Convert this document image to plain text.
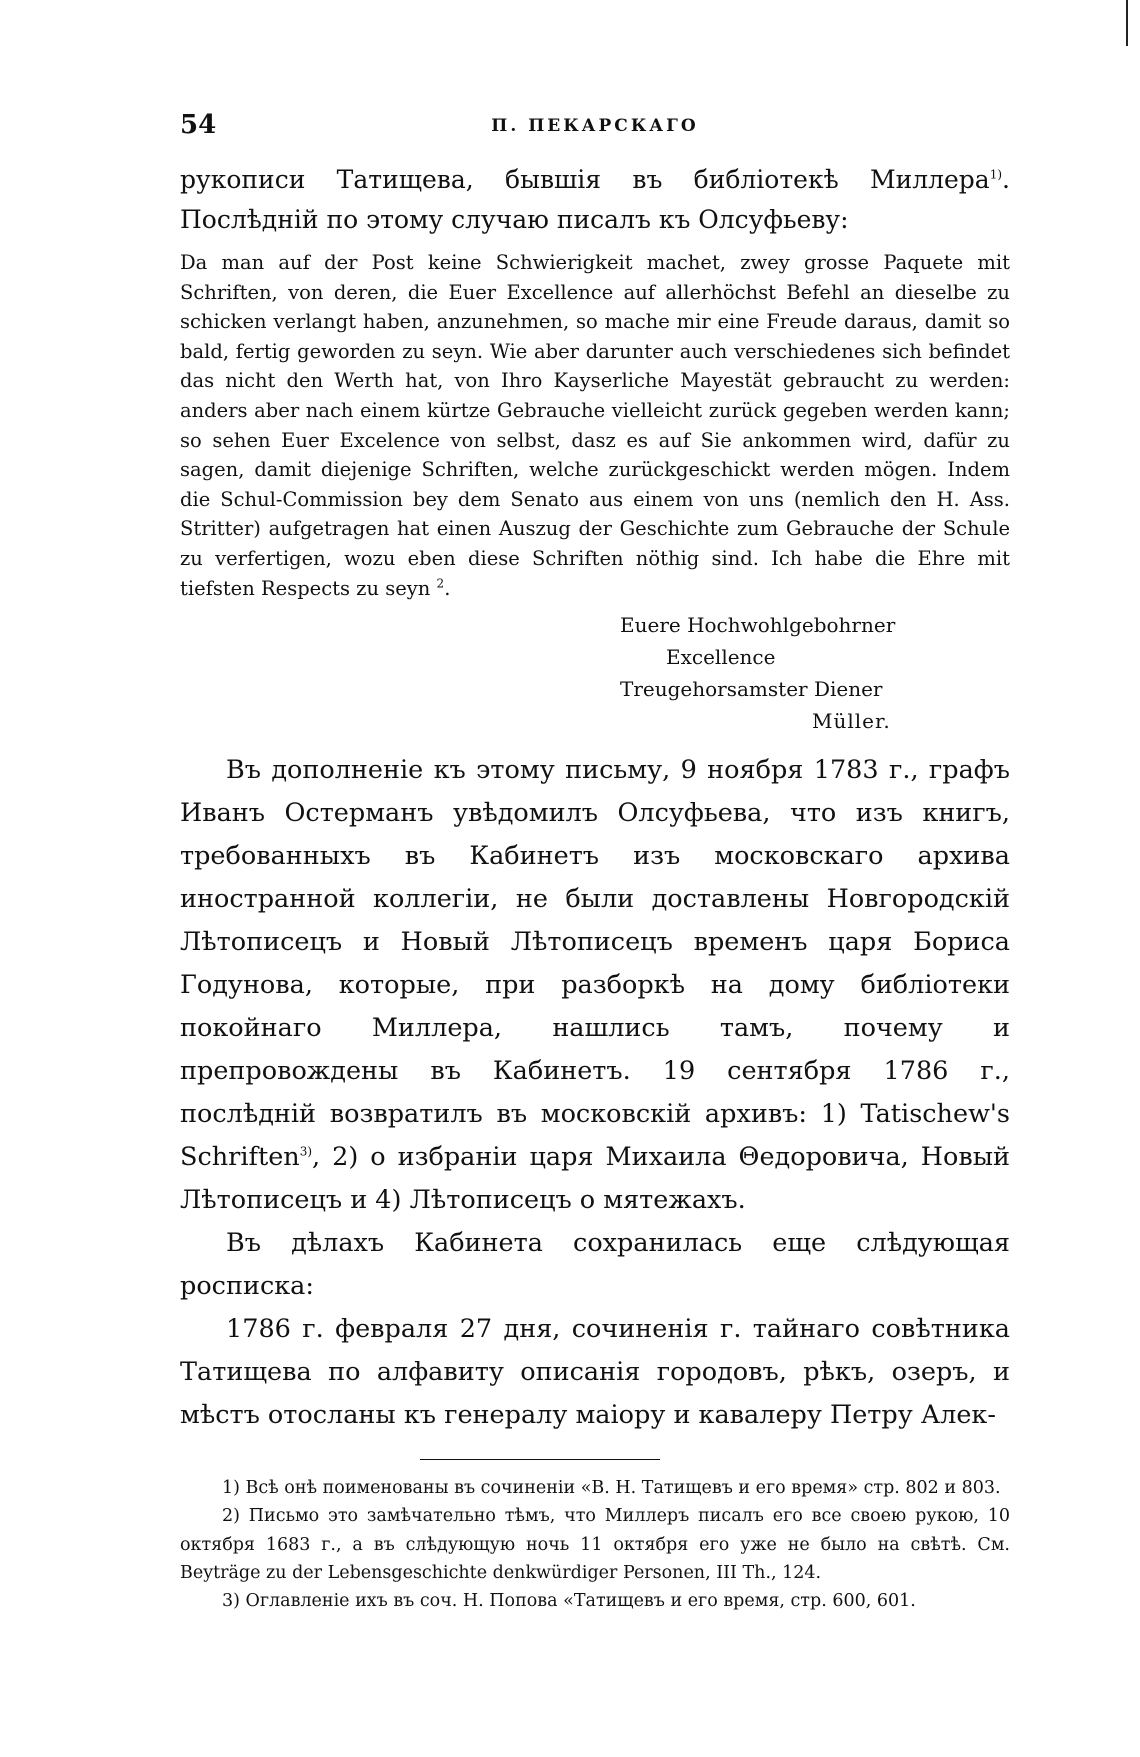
54	П. ПЕКАРСКАГО
рукописи Татищева, бывшія въ библіотекѣ Миллера$^{1)}$. Послѣдній по этому случаю писалъ къ Олсуфьеву:
Da man auf der Post keine Schwierigkeit machet, zwey grosse Paquete mit Schriften, von deren, die Euer Excellence auf allerhöchst Befehl an dieselbe zu schicken verlangt haben, anzunehmen, so mache mir eine Freude daraus, damit so bald, fertig geworden zu seyn. Wie aber darunter auch verschiedenes sich befindet das nicht den Werth hat, von Ihro Kayserliche Mayestät gebraucht zu werden: anders aber nach einem kürtze Gebrauche vielleicht zurück gegeben werden kann; so sehen Euer Excelence von selbst, dasz es auf Sie ankommen wird, dafür zu sagen, damit diejenige Schriften, welche zurückgeschickt werden mögen. Indem die Schul-Commission bey dem Senato aus einem von uns (nemlich den H. Ass. Stritter) aufgetragen hat einen Auszug der Geschichte zum Gebrauche der Schule zu verfertigen, wozu eben diese Schriften nöthig sind. Ich habe die Ehre mit tiefsten Respects zu seyn $^2$.
Euere Hochwohlgebohrner
Excellence
Treugehorsamster Diener
Müller.

Въ дополненіе къ этому письму, 9 ноября 1783 г., графъ Иванъ Остерманъ увѣдомилъ Олсуфьева, что изъ книгъ, требованныхъ въ Кабинетъ изъ московскаго архива иностранной коллегіи, не были доставлены Новгородскій Лѣтописецъ и Новый Лѣтописецъ временъ царя Бориса Годунова, которые, при разборкѣ на дому библіотеки покойнаго Миллера, нашлись тамъ, почему и препровождены въ Кабинетъ. 19 сентября 1786 г., послѣдній возвратилъ въ московскій архивъ: 1) Tatischew's Schriften$^{3)}$, 2) о избраніи царя Михаила Θедоровича, Новый Лѣтописецъ и 4) Лѣтописецъ о мятежахъ.

Въ дѣлахъ Кабинета сохранилась еще слѣдующая росписка:

1786 г. февраля 27 дня, сочиненія г. тайнаго совѣтника Татищева по алфавиту описанія городовъ, рѣкъ, озеръ, и мѣстъ отосланы къ генералу маіору и кавалеру Петру Алек-

1) Всѣ онѣ поименованы въ сочиненіи «В. Н. Татищевъ и его время» стр. 802 и 803.

2) Письмо это замѣчательно тѣмъ, что Миллеръ писалъ его все своею рукою, 10 октября 1683 г., а въ слѣдующую ночь 11 октября его уже не было на свѣтѣ. См. Beyträge zu der Lebensgeschichte denkwürdiger Personen, III Th., 124.

3) Оглавленіе ихъ въ соч. Н. Попова «Татищевъ и его время, стр. 600, 601.
